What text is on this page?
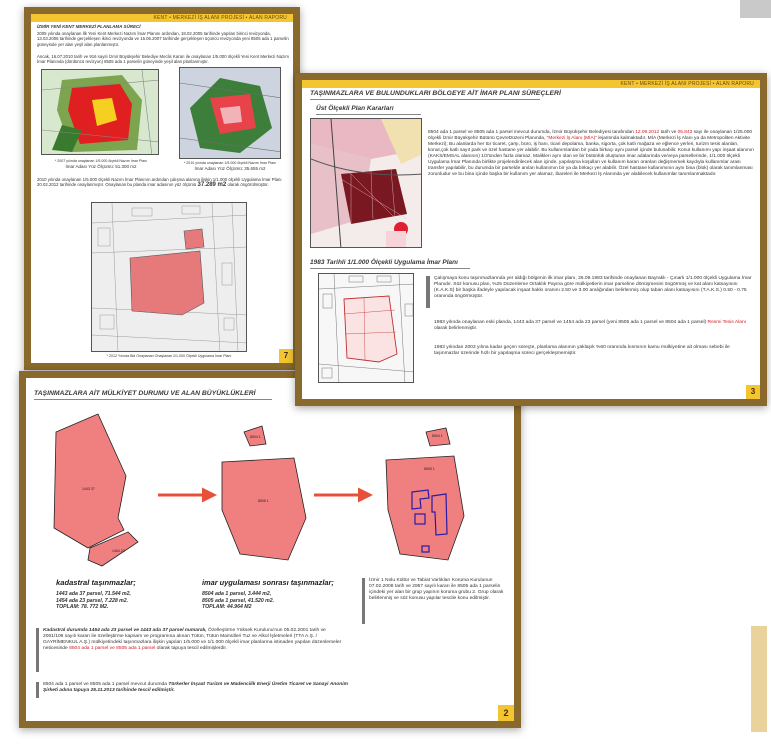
KENT • MERKEZİ İŞ ALANI PROJESİ • ALAN RAPORU
İZMİR YENİ KENT MERKEZİ PLANLAMA SÜRECİ
2005 yılında onaylanan İlk Yeni Kent Merkezi Nazım İmar Planını ardından, 18.02.2005 tarihinde yapılan birinci revizyonda, 13.03.2006 tarihinde gerçekleşen ikinci revizyonda ve 15.06.2007 tarihinde gerçekleşen üçüncü revizyonda yeni 8505 ada 1 parselin güneyinde yer alan yeşil alan planlanmıştır.
Ancak, 16.07.2010 tarih ve 916 sayılı İzmir Büyükşehir Belediye Meclis Kararı ile onaylanan 1/5.000 ölçekli Yeni Kent Merkezi Nazım İmar Planında (dördüncü revizyon) 8505 ada 1 parselin güneyinde yeşil alan planlanmıştır.
* 2007 yılında onaylanan 1/5.000 ölçekli Nazım İmar Planı
İmar Adası Yüz Ölçümü: 51.300 m2
* 2010 yılında onaylanan 1/5.000 ölçekli Nazım İmar Planı
İmar Adası Yüz Ölçümü: 35.655 m2
2010 yılında onaylanan 1/5.000 ölçekli Nazım İmar Planının ardından çalışma alanına ilişkin 1/1.000 ölçekli Uygulama İmar Planı 20.02.2012 tarihinde onaylanmıştır. Onaylanan bu planda imar adasının yüz ölçümü 37.289 m2 olarak öngörülmüştür.
* 2012 Yılında Bld Onaylanan Onaylanan 1/1.000 Ölçekli Uygulama İmar Planı	7
KENT • MERKEZİ İŞ ALANI PROJESİ • ALAN RAPORU
TAŞINMAZLARA VE BULUNDUKLARI BÖLGEYE AİT İMAR PLANI SÜREÇLERİ
Üst Ölçekli Plan Kararları
8504 ada 1 parsel ve 8505 ada 1 parsel mevcut durumda, İzmir Büyükşehir Belediyesi tarafından 12.09.2012 tarih ve 05.843 sayı ile onaylanan 1/25.000 ölçekli İzmir Büyükşehir Bütünü ÇevreDüzeni Planında, "Merkezi İş Alanı (MİA)" lejantında kalmaktadır. MİA (Merkezi İş Alanı ya da Metropoliten Aktivite Merkezi); Bu alanlarda her tür ticaret, çarşı, büro, iş hanı, ticari depolama, banka, sigorta, çok katlı mağaza ve eğlence yerleri, turizm tesis alanları, konut,çok katlı sayıt park ve özel hastane yer alabilir. Bu kullanımlardan bir yada birkaçı aynı parsel içinde bulunabilir. Konut kullanımı yapı inşaat alanının (KAKS/EMSAL alanının) 1/3'ünden fazla olamaz. Maliklerı aynı olan ve bir bütünlük oluşturan imar adalarında ve/veya parsellerinde, 1/1.000 ölçekli Uygulama İmar Planında birlikte projelendirilecek alan içinde, yapılaşma koşulları ve kullanım kararı oranları değişmemek kaydıyla kullanımlar arası transfer yapılabilir, bu durumda bir parselde anılan kullanımın bir ya da birkaçı yer alabilir. Özel hastane kullanımının aynı bina (blok) olarak tanımlanması zorunludur ve bu bina içinde başka bir kullanım yer alamaz, ibareleri ile Merkezi İş Alanında yer alabilecek kullanımlar tanımlanmaktadır.
1983 Tarihli 1/1.000 Ölçekli Uygulama İmar Planı
Çalışmaya konu taşınmazlarında yer aldığı bölgenin ilk imar planı, 26.09.1983 tarihinde onaylanan Bayraklı - Çınarlı 1/1.000 ölçekli Uygulama İmar Planıdır. Söz konusu plan, %25 Düzenleme Ortaklık Payına göre mülkiyetlerin imar parseline dönüşmesini öngörmüş ve kat alanı katsayısını (K.A.K.S) bir başka ifadeyle yapılacak inşaat hakkı oranını 2.50 ve 3.00 aralığından belirlenmiş olup taban alanı katsayısını (T.A.K.S.) 0.50 - 0.75 oranında öngörmüştür.
1983 yılında onaylanan eski planda, 1443 ada 37 parsel ve 1454 ada 23 parsel (yeni 8505 ada 1 parsel ve 8504 ada 1 parsel) Resmi Tesis Alanı olarak belirlenmiştir.
1983 yılından 2003 yılına kadar geçen süreçte, planlama alanının yaklaşık %60 oranında kısmının kamu mülkiyetine ait olması sebebi ile taşınmazlar üzerinde hızlı bir yapılaşma süreci gerçekleşmemiştir.
3
TAŞINMAZLARA AİT MÜLKİYET DURUMU VE ALAN BÜYÜKLÜKLERİ
1443 37
1454 23
8504 1
8505 1
8504 1
8505 1
kadastral taşınmazlar;
1443 ada 37 parsel, 71.544 m2,
1454 ada 23 parsel, 7.228 m2.
TOPLAM: 78. 772 M2.
imar uygulaması sonrası taşınmazlar;
8504 ada 1 parsel, 3.444 m2,
8505 ada 1 parsel, 41.520 m2.
TOPLAM: 44.964 M2
İzmir 1 Nolu Kültür ve Tabiat Varlıkları Koruma Kurulunun 07.02.2008 tarih ve 2957 sayılı kararı ile 8505 ada 1 parselin içindeki yer alan bir grup yapının koruma grubu 2. Grup olarak belirlenmiş ve söz konusu yapılar tescile konu edilmiştir.
Kadastral durumda 1454 ada 23 parsel ve 1443 ada 37 parsel numaralı, Özelleştirme Yüksek Kurulunu'nun 05.02.2001 tarih ve 2001/106 sayılı kararı ile özelleştirme kapsam ve programına alınan Tütün, Tütün Mamülleri Tuz ve Alkol İşletmeleri (TTA A.Ş. / GAYRİMENKUL A.Ş.) mülkiyetindeki taşınmazlara ilişkin yapılan 1/5.000 ve 1/1.000 ölçekli imar planlarına istinaden yapılan düzenlemeler neticesinde 8504 ada 1 parsel ve 8505 ada 1 parsel olarak tapuya tescil edilmişlerdir.
8504 ada 1 parsel ve 8505 ada 1 parsel mevcut durumda Türkerler İnşaat Turizm ve Madencilik Enerji Üretim Ticaret ve Sanayi Anonim Şirketi adına tapuya 25.11.2013 tarihinde tescil edilmiştir.
2
